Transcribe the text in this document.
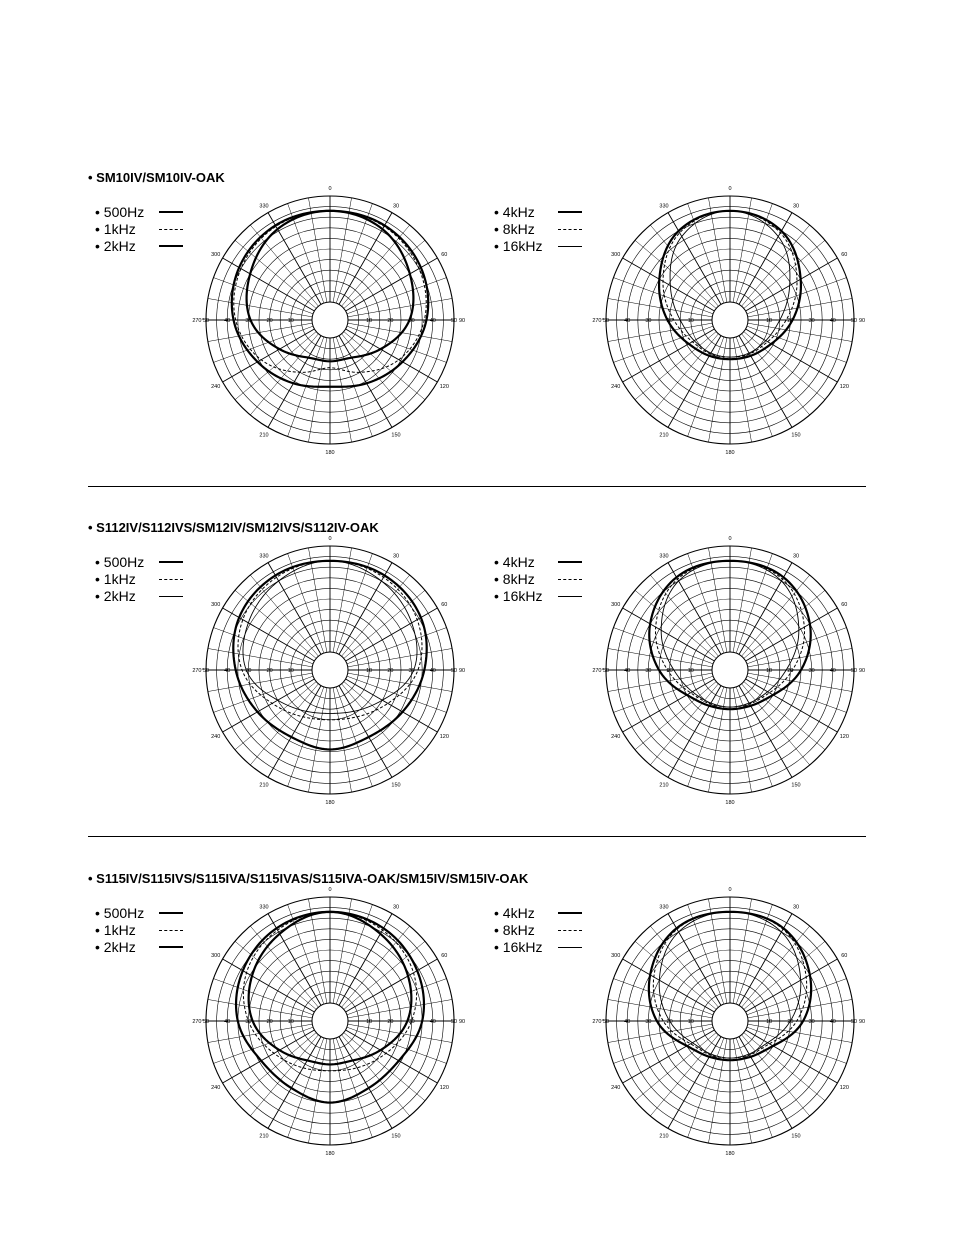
• SM10IV/SM10IV-OAK
• 500Hz
• 1kHz
• 2kHz
• 4kHz
• 8kHz
• 16kHz
• S112IV/S112IVS/SM12IV/SM12IVS/S112IV-OAK
• 500Hz
• 1kHz
• 2kHz
• 4kHz
• 8kHz
• 16kHz
• S115IV/S115IVS/S115IVA/S115IVAS/S115IVA-OAK/SM15IV/SM15IV-OAK
• 500Hz
• 1kHz
• 2kHz
• 4kHz
• 8kHz
• 16kHz
0
30
60
90
120
150
180
210
240
270°
300
330
10	10
20	20
30	30
40	40
50	50
0
30
60
90
120
150
180
210
240
270°
300
330
10	10
20	20
30	30
40	40
50	50
0
30
60
90
120
150
180
210
240
270°
300
330
10	10
20	20
30	30
40	40
50	50
0
30
60
90
120
150
180
210
240
270°
300
330
10	10
20	20
30	30
40	40
50	50
0
30
60
90
120
150
180
210
240
270°
300
330
10	10
20	20
30	30
40	40
50	50
0
30
60
90
120
150
180
210
240
270°
300
330
10	10
20	20
30	30
40	40
50	50
